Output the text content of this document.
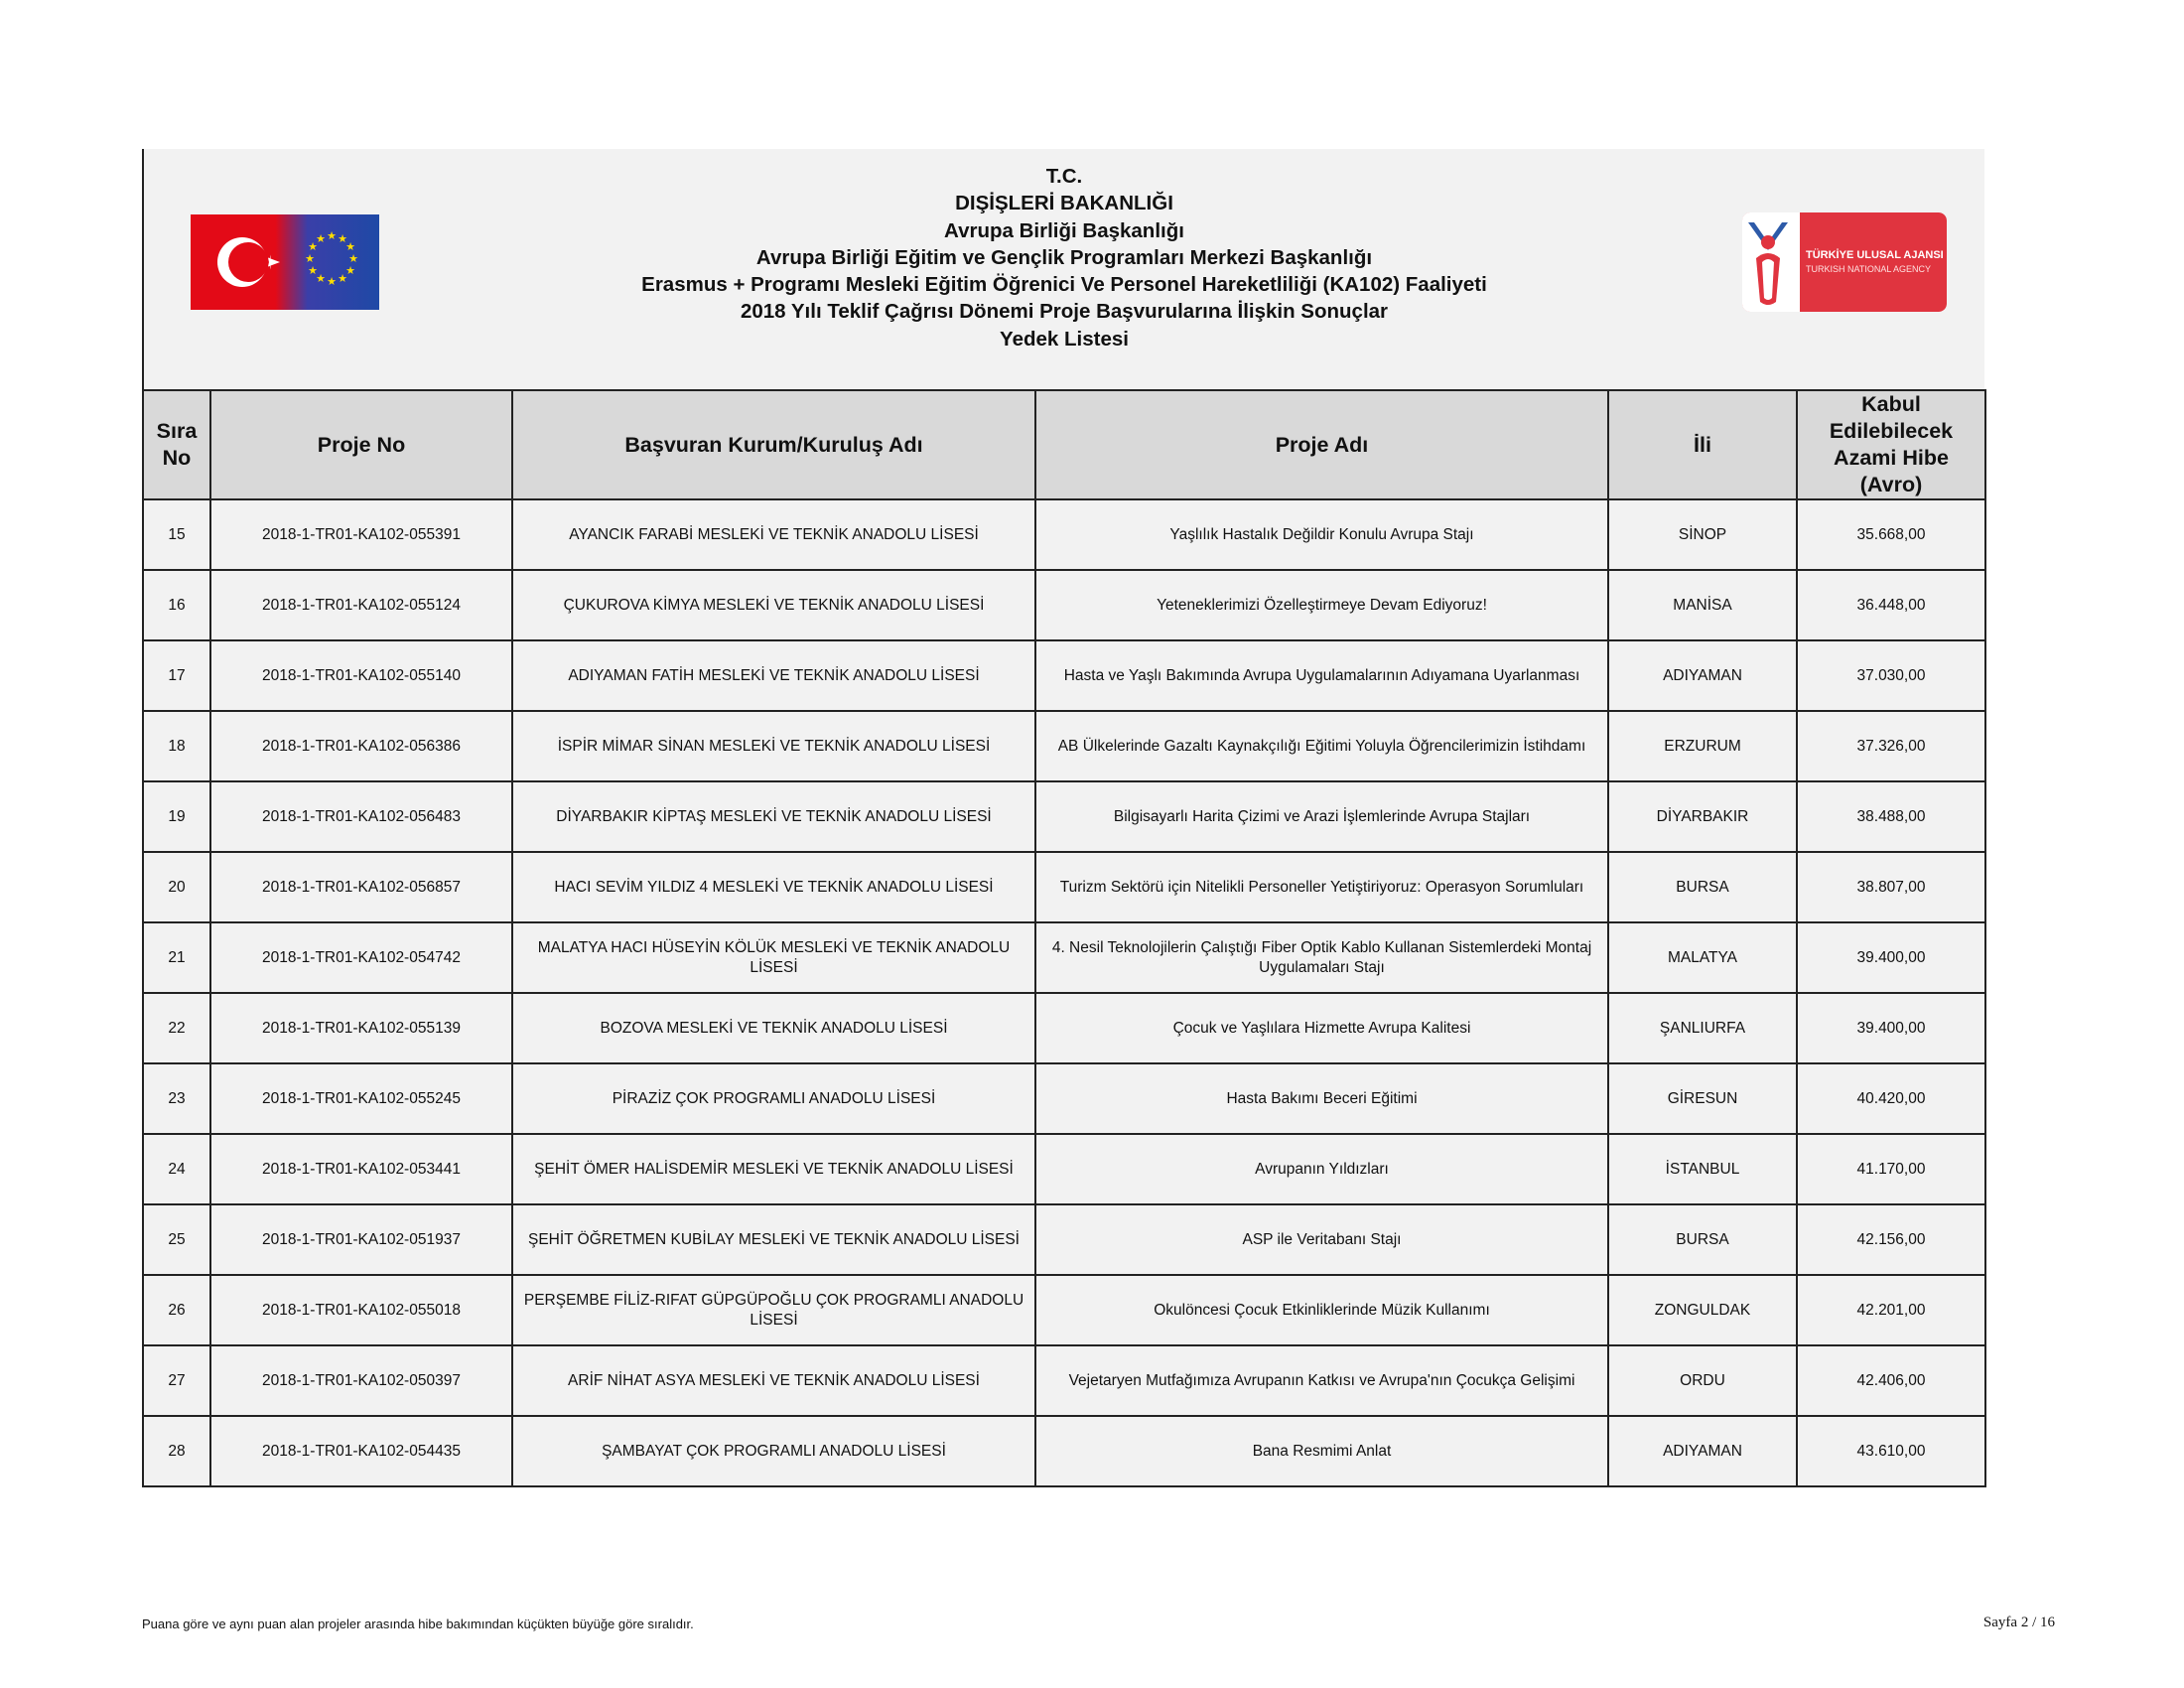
★ ★
★
★
★
★
★
★
★
★
★
★
T.C.
DIŞİŞLERİ BAKANLIĞI
Avrupa Birliği Başkanlığı
Avrupa Birliği Eğitim ve Gençlik Programları Merkezi Başkanlığı
Erasmus + Programı Mesleki Eğitim Öğrenici Ve Personel Hareketliliği (KA102) Faaliyeti
2018 Yılı Teklif Çağrısı Dönemi Proje Başvurularına İlişkin Sonuçlar
Yedek Listesi
TÜRKİYE ULUSAL AJANSI
TURKISH NATIONAL AGENCY
Sıra No	Proje No	Başvuran Kurum/Kuruluş Adı	Proje Adı	İli	Kabul Edilebilecek Azami Hibe (Avro)
15	2018-1-TR01-KA102-055391	AYANCIK FARABİ MESLEKİ VE TEKNİK ANADOLU LİSESİ	Yaşlılık Hastalık Değildir Konulu Avrupa Stajı	SİNOP	35.668,00
16	2018-1-TR01-KA102-055124	ÇUKUROVA KİMYA MESLEKİ VE TEKNİK ANADOLU LİSESİ	Yeteneklerimizi Özelleştirmeye Devam Ediyoruz!	MANİSA	36.448,00
17	2018-1-TR01-KA102-055140	ADIYAMAN FATİH MESLEKİ VE TEKNİK ANADOLU LİSESİ	Hasta ve Yaşlı Bakımında Avrupa Uygulamalarının Adıyamana Uyarlanması	ADIYAMAN	37.030,00
18	2018-1-TR01-KA102-056386	İSPİR MİMAR SİNAN MESLEKİ VE TEKNİK ANADOLU LİSESİ	AB Ülkelerinde Gazaltı Kaynakçılığı Eğitimi Yoluyla Öğrencilerimizin İstihdamı	ERZURUM	37.326,00
19	2018-1-TR01-KA102-056483	DİYARBAKIR KİPTAŞ MESLEKİ VE TEKNİK ANADOLU LİSESİ	Bilgisayarlı Harita Çizimi ve Arazi İşlemlerinde Avrupa Stajları	DİYARBAKIR	38.488,00
20	2018-1-TR01-KA102-056857	HACI SEVİM YILDIZ 4 MESLEKİ VE TEKNİK ANADOLU LİSESİ	Turizm Sektörü için Nitelikli Personeller Yetiştiriyoruz: Operasyon Sorumluları	BURSA	38.807,00
21	2018-1-TR01-KA102-054742	MALATYA HACI HÜSEYİN KÖLÜK MESLEKİ VE TEKNİK ANADOLU LİSESİ	4. Nesil Teknolojilerin Çalıştığı Fiber Optik Kablo Kullanan Sistemlerdeki Montaj Uygulamaları Stajı	MALATYA	39.400,00
22	2018-1-TR01-KA102-055139	BOZOVA MESLEKİ VE TEKNİK ANADOLU LİSESİ	Çocuk ve Yaşlılara Hizmette Avrupa Kalitesi	ŞANLIURFA	39.400,00
23	2018-1-TR01-KA102-055245	PİRAZİZ ÇOK PROGRAMLI ANADOLU LİSESİ	Hasta Bakımı Beceri Eğitimi	GİRESUN	40.420,00
24	2018-1-TR01-KA102-053441	ŞEHİT ÖMER HALİSDEMİR MESLEKİ VE TEKNİK ANADOLU LİSESİ	Avrupanın Yıldızları	İSTANBUL	41.170,00
25	2018-1-TR01-KA102-051937	ŞEHİT ÖĞRETMEN KUBİLAY MESLEKİ VE TEKNİK ANADOLU LİSESİ	ASP ile Veritabanı Stajı	BURSA	42.156,00
26	2018-1-TR01-KA102-055018	PERŞEMBE FİLİZ-RIFAT GÜPGÜPOĞLU ÇOK PROGRAMLI ANADOLU LİSESİ	Okulöncesi Çocuk Etkinliklerinde Müzik Kullanımı	ZONGULDAK	42.201,00
27	2018-1-TR01-KA102-050397	ARİF NİHAT ASYA MESLEKİ VE TEKNİK ANADOLU LİSESİ	Vejetaryen Mutfağımıza Avrupanın Katkısı ve Avrupa'nın Çocukça Gelişimi	ORDU	42.406,00
28	2018-1-TR01-KA102-054435	ŞAMBAYAT ÇOK PROGRAMLI ANADOLU LİSESİ	Bana Resmimi Anlat	ADIYAMAN	43.610,00
Puana göre ve aynı puan alan projeler arasında hibe bakımından küçükten büyüğe göre sıralıdır.	Sayfa 2 / 16
